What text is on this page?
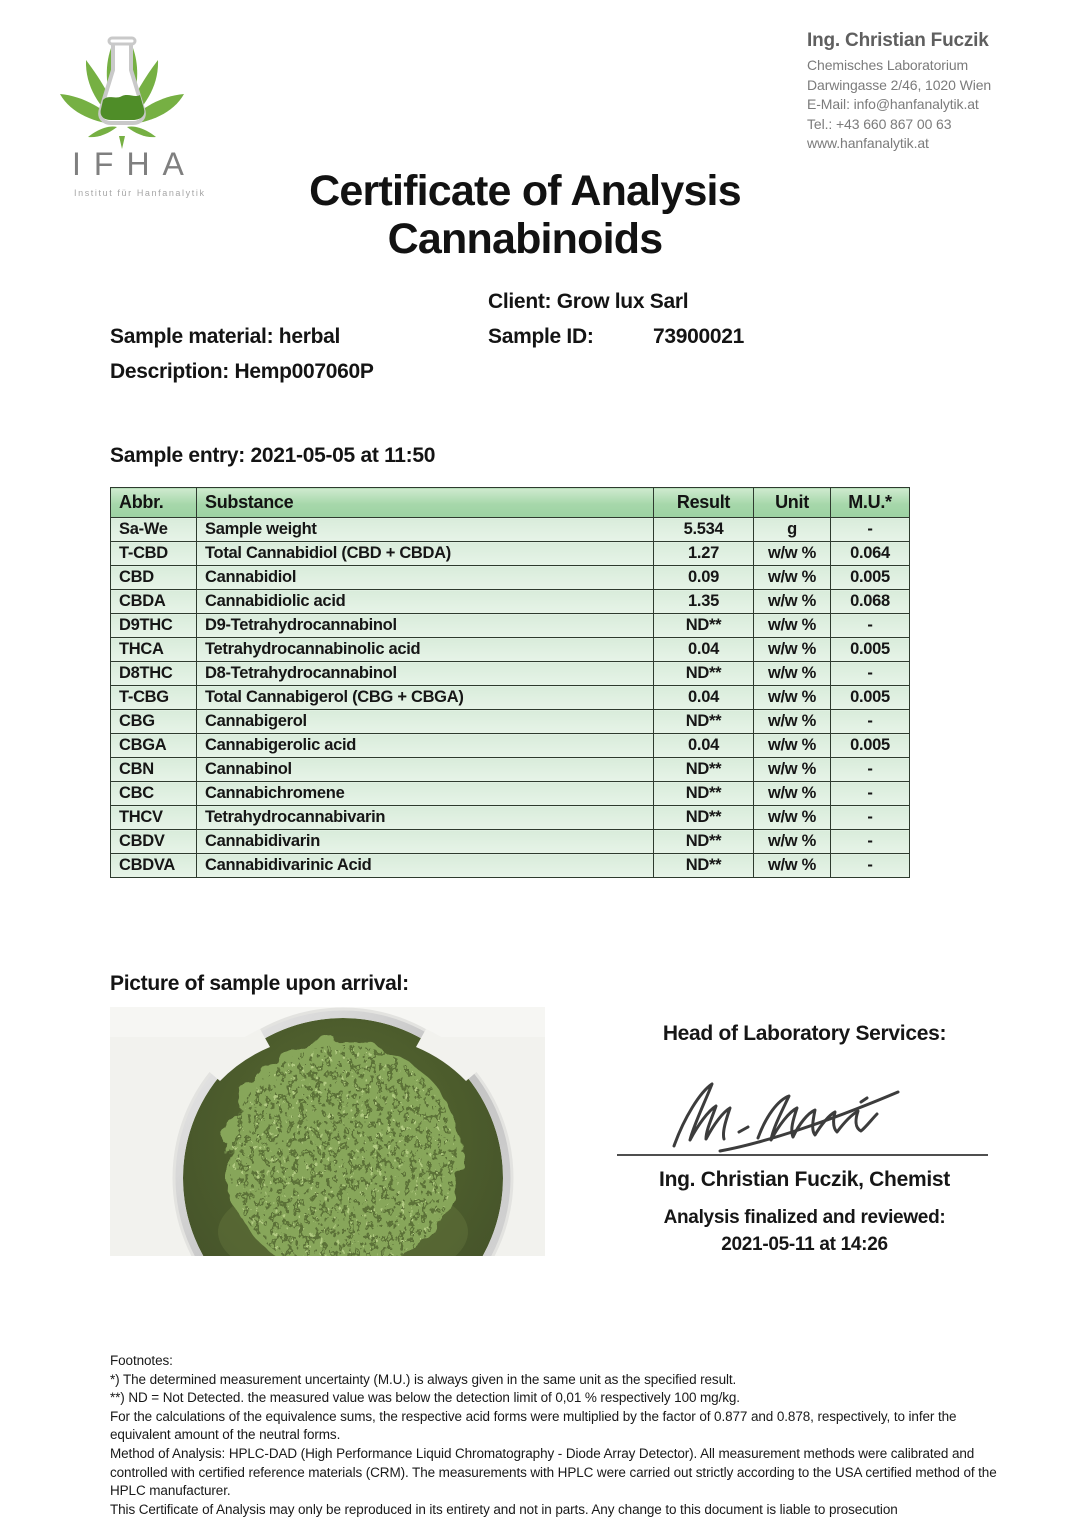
IFHA
Institut für Hanfanalytik
Ing. Christian Fuczik
Chemisches Laboratorium
Darwingasse 2/46, 1020 Wien
E-Mail: info@hanfanalytik.at
Tel.: +43 660 867 00 63
www.hanfanalytik.at
Certificate of Analysis
Cannabinoids
Client: Grow lux Sarl
Sample material: herbal	Sample ID:	73900021
Description: Hemp007060P
Sample entry: 2021-05-05 at 11:50
Abbr.	Substance	Result	Unit	M.U.*
Sa-We	Sample weight	5.534	g	-
T-CBD	Total Cannabidiol (CBD + CBDA)	1.27	w/w %	0.064
CBD	Cannabidiol	0.09	w/w %	0.005
CBDA	Cannabidiolic acid	1.35	w/w %	0.068
D9THC	D9-Tetrahydrocannabinol	ND**	w/w %	-
THCA	Tetrahydrocannabinolic acid	0.04	w/w %	0.005
D8THC	D8-Tetrahydrocannabinol	ND**	w/w %	-
T-CBG	Total Cannabigerol (CBG + CBGA)	0.04	w/w %	0.005
CBG	Cannabigerol	ND**	w/w %	-
CBGA	Cannabigerolic acid	0.04	w/w %	0.005
CBN	Cannabinol	ND**	w/w %	-
CBC	Cannabichromene	ND**	w/w %	-
THCV	Tetrahydrocannabivarin	ND**	w/w %	-
CBDV	Cannabidivarin	ND**	w/w %	-
CBDVA	Cannabidivarinic Acid	ND**	w/w %	-
Picture of sample upon arrival:
Head of Laboratory Services:
Ing. Christian Fuczik, Chemist
Analysis finalized and reviewed:
2021-05-11 at 14:26

Footnotes:

*) The determined measurement uncertainty (M.U.) is always given in the same unit as the specified result.

**) ND = Not Detected. the measured value was below the detection limit of 0,01 % respectively 100 mg/kg.

For the calculations of the equivalence sums, the respective acid forms were multiplied by the factor of 0.877 and 0.878, respectively, to infer the equivalent amount of the neutral forms.

Method of Analysis: HPLC-DAD (High Performance Liquid Chromatography - Diode Array Detector). All measurement methods were calibrated and controlled with certified reference materials (CRM). The measurements with HPLC were carried out strictly according to the USA certified method of the HPLC manufacturer.

This Certificate of Analysis may only be reproduced in its entirety and not in parts. Any change to this document is liable to prosecution
